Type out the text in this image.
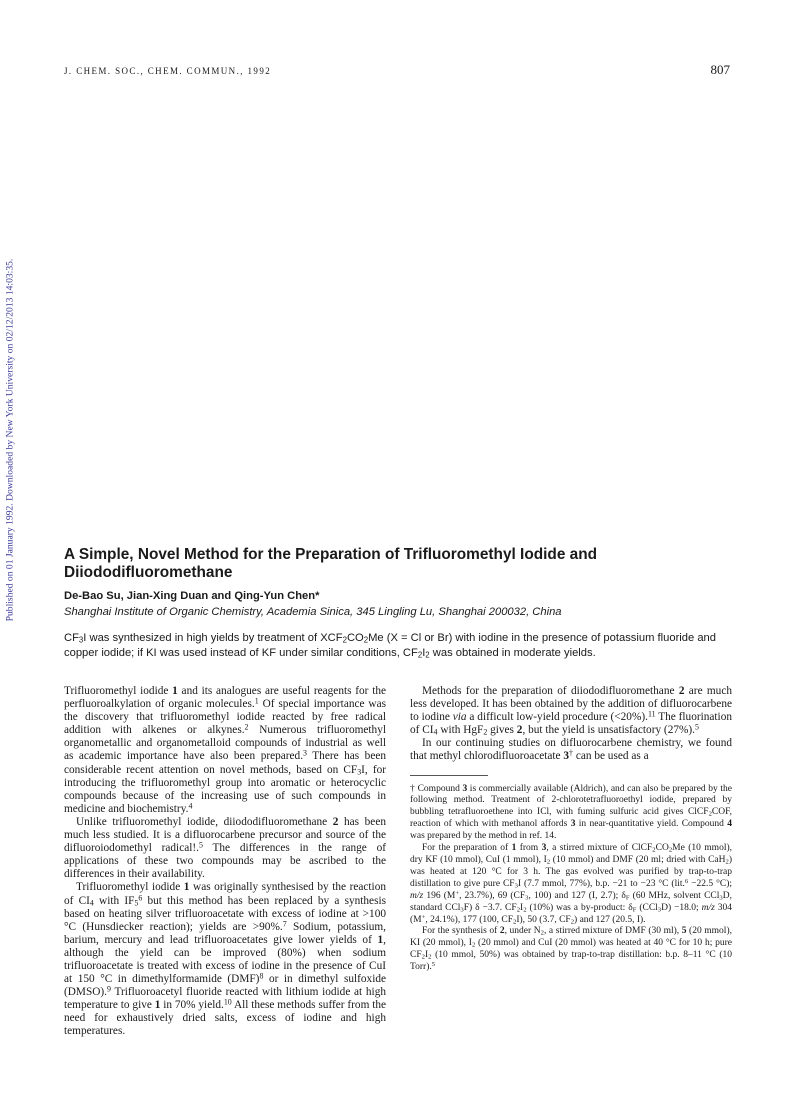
J. CHEM. SOC., CHEM. COMMUN., 1992	807
Published on 01 January 1992. Downloaded by New York University on 02/12/2013 14:03:35.	A Simple, Novel Method for the Preparation of Trifluoromethyl Iodide and Diiododifluoromethane
De-Bao Su, Jian-Xing Duan and Qing-Yun Chen*
Shanghai Institute of Organic Chemistry, Academia Sinica, 345 Lingling Lu, Shanghai 200032, China

$CF_3I$ was synthesized in high yields by treatment of $XCF_2CO_2Me$ (X = Cl or Br) with iodine in the presence of potassium fluoride and copper iodide; if KI was used instead of KF under similar conditions, $CF_2I_2$ was obtained in moderate yields.

Trifluoromethyl iodide 1 and its analogues are useful reagents for the perfluoroalkylation of organic molecules.$^1$ Of special importance was the discovery that trifluoromethyl iodide reacted by free radical addition with alkenes or alkynes.$^2$ Numerous trifluoromethyl organometallic and organometalloid compounds of industrial as well as academic importance have also been prepared.$^3$ There has been considerable recent attention on novel methods, based on $CF_3I$, for introducing the trifluoromethyl group into aromatic or heterocyclic compounds because of the increasing use of such compounds in medicine and biochemistry.$^4$

Unlike trifluoromethyl iodide, diiododifluoromethane 2 has been much less studied. It is a difluorocarbene precursor and source of the difluoroiodomethyl radical!.$^5$ The differences in the range of applications of these two compounds may be ascribed to the differences in their availability.

Trifluoromethyl iodide 1 was originally synthesised by the reaction of $CI_4$ with $IF_5^6$ but this method has been replaced by a synthesis based on heating silver trifluoroacetate with excess of iodine at >100 °C (Hunsdiecker reaction); yields are >90%.$^7$ Sodium, potassium, barium, mercury and lead trifluoroacetates give lower yields of 1, although the yield can be improved (80%) when sodium trifluoroacetate is treated with excess of iodine in the presence of CuI at 150 °C in dimethylformamide (DMF)$^8$ or in dimethyl sulfoxide (DMSO).$^9$ Trifluoroacetyl fluoride reacted with lithium iodide at high temperature to give 1 in 70% yield.$^{10}$ All these methods suffer from the need for exhaustively dried salts, excess of iodine and high temperatures.

Methods for the preparation of diiododifluoromethane 2 are much less developed. It has been obtained by the addition of difluorocarbene to iodine via a difficult low-yield procedure (<20%).$^{11}$ The fluorination of $CI_4$ with HgF$_2$ gives 2, but the yield is unsatisfactory (27%).$^5$

In our continuing studies on difluorocarbene chemistry, we found that methyl chlorodifluoroacetate 3† can be used as a

† Compound 3 is commercially available (Aldrich), and can also be prepared by the following method. Treatment of 2-chlorotetrafluoroethyl iodide, prepared by bubbling tetrafluoroethene into ICl, with fuming sulfuric acid gives ClCF$_2$COF, reaction of which with methanol affords 3 in near-quantitative yield. Compound 4 was prepared by the method in ref. 14.

For the preparation of 1 from 3, a stirred mixture of $ClCF_2CO_2Me$ (10 mmol), dry KF (10 mmol), CuI (1 mmol), $I_2$ (10 mmol) and DMF (20 ml; dried with CaH$_2$) was heated at 120 °C for 3 h. The gas evolved was purified by trap-to-trap distillation to give pure $CF_3I$ (7.7 mmol, 77%), b.p. −21 to −23 °C (lit.$^6$ −22.5 °C); m/z 196 (M+, 23.7%), 69 ($CF_3$, 100) and 127 (I, 2.7); $\delta_F$ (60 MHz, solvent CCl$_3$D, standard CCl$_3$F) δ −3.7. $CF_2I_2$ (10%) was a by-product: $\delta_F$ (CCl$_3$D) −18.0; m/z 304 (M+, 24.1%), 177 (100, $CF_2I$), 50 (3.7, $CF_2$) and 127 (20.5, I).

For the synthesis of 2, under $N_2$, a stirred mixture of DMF (30 ml), 5 (20 mmol), KI (20 mmol), $I_2$ (20 mmol) and CuI (20 mmol) was heated at 40 °C for 10 h; pure $CF_2I_2$ (10 mmol, 50%) was obtained by trap-to-trap distillation: b.p. 8–11 °C (10 Torr).$^5$
